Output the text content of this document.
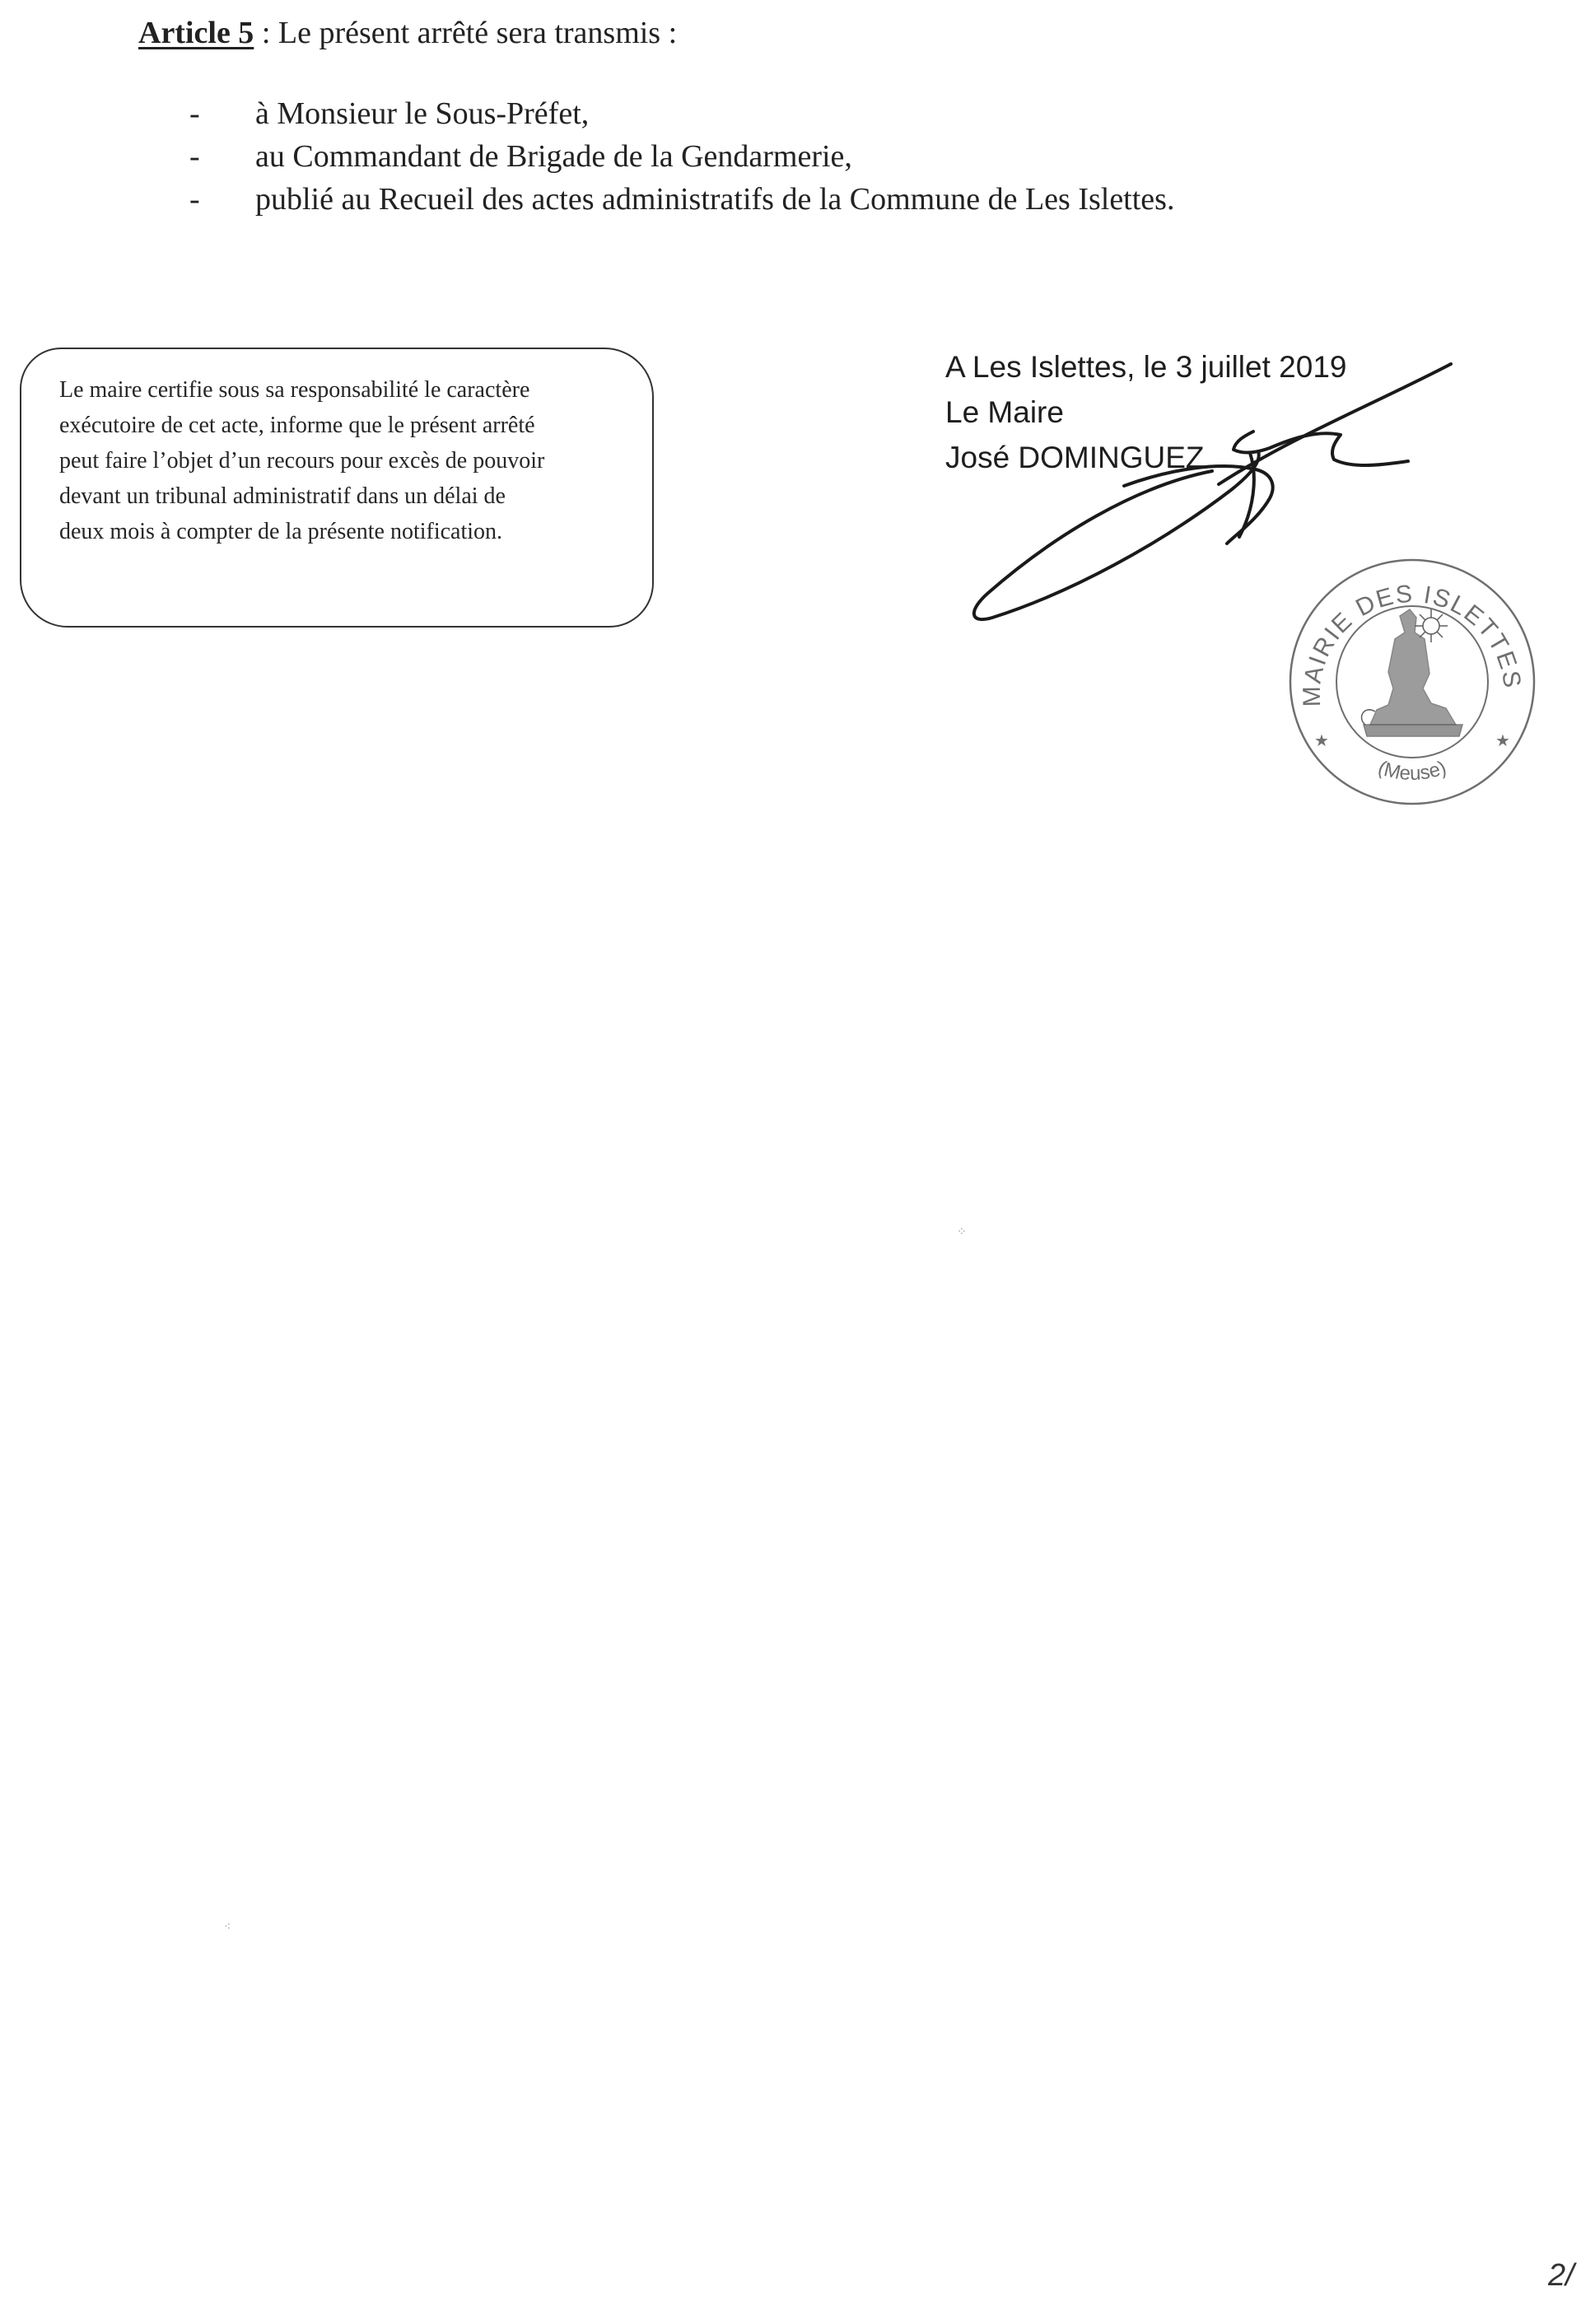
Article 5 : Le présent arrêté sera transmis :
- à Monsieur le Sous-Préfet,
- au Commandant de Brigade de la Gendarmerie,
- publié au Recueil des actes administratifs de la Commune de Les Islettes.
Le maire certifie sous sa responsabilité le caractère
exécutoire de cet acte, informe que le présent arrêté
peut faire l’objet d’un recours pour excès de pouvoir
devant un tribunal administratif dans un délai de
deux mois à compter de la présente notification.
A Les Islettes, le 3 juillet 2019
Le Maire
José DOMINGUEZ
MAIRIE DES ISLETTES
(Meuse)
★	★
⁘
⁖
2/
